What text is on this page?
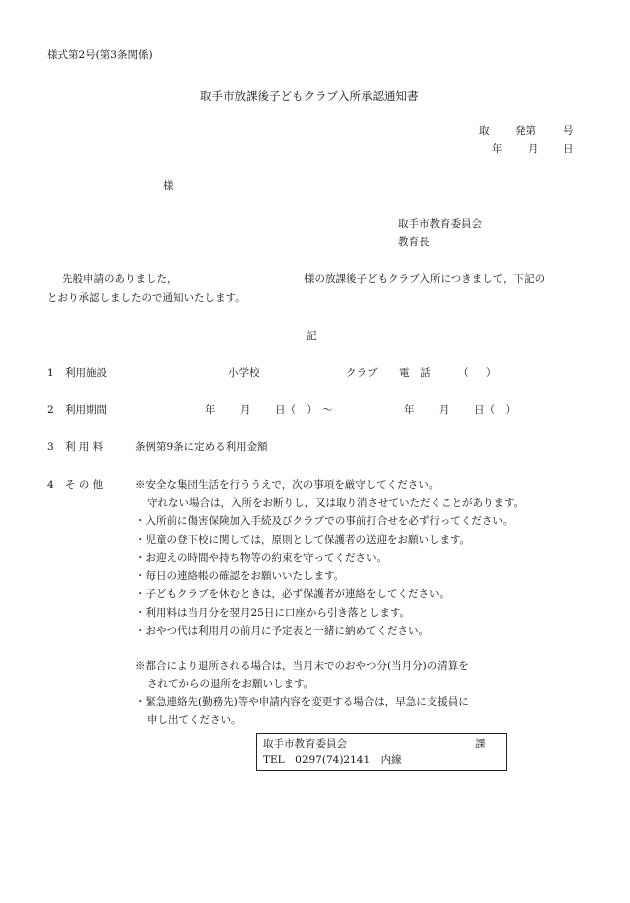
様式第2号(第3条関係)
取手市放課後子どもクラブ入所承認通知書
取 発第	号
年 月 日
様
取手市教育委員会
教育長
先般申請のありました，	様の放課後子どもクラブ入所につきまして，下記の
とおり承認しましたので通知いたします。
記
1 利用施設	小学校	クラブ 電　話	（ ）
2 利用期間	年 月 日（　） ～	年 月 日（　）
3 利 用 料	条例第9条に定める利用金額
4 そ の 他	※安全な集団生活を行ううえで，次の事項を厳守してください。
守れない場合は，入所をお断りし，又は取り消させていただくことがあります。
・入所前に傷害保険加入手続及びクラブでの事前打合せを必ず行ってください。
・児童の登下校に関しては，原則として保護者の送迎をお願いします。
・お迎えの時間や持ち物等の約束を守ってください。
・毎日の連絡帳の確認をお願いいたします。
・子どもクラブを休むときは，必ず保護者が連絡をしてください。
・利用料は当月分を翌月25日に口座から引き落とします。
・おやつ代は利用月の前月に予定表と一緒に納めてください。
※都合により退所される場合は，当月末でのおやつ分(当月分)の清算を
されてからの退所をお願いします。
・緊急連絡先(勤務先)等や申請内容を変更する場合は，早急に支援員に
申し出てください。
取手市教育委員会	課
TEL　0297(74)2141　内線
